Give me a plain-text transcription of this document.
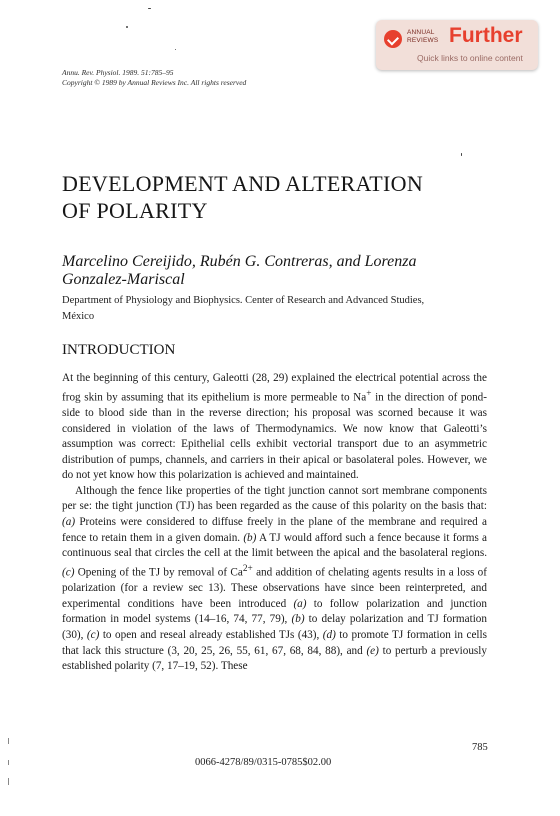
ANNUAL
REVIEWS Further
Quick links to online content
Annu. Rev. Physiol. 1989. 51:785–95
Copyright © 1989 by Annual Reviews Inc. All rights reserved
DEVELOPMENT AND ALTERATION
OF POLARITY
Marcelino Cereijido, Rubén G. Contreras, and Lorenza
Gonzalez-Mariscal
Department of Physiology and Biophysics. Center of Research and Advanced Studies,
México
INTRODUCTION

At the beginning of this century, Galeotti (28, 29) explained the electrical potential across the frog skin by assuming that its epithelium is more permeable to Na+ in the direction of pond-side to blood side than in the reverse direction; his proposal was scorned because it was considered in violation of the laws of Thermodynamics. We now know that Galeotti’s assumption was correct: Epithelial cells exhibit vectorial transport due to an asymmetric distribution of pumps, channels, and carriers in their apical or basolateral poles. However, we do not yet know how this polarization is achieved and maintained.

Although the fence like properties of the tight junction cannot sort membrane components per se: the tight junction (TJ) has been regarded as the cause of this polarity on the basis that: (a) Proteins were considered to diffuse freely in the plane of the membrane and required a fence to retain them in a given domain. (b) A TJ would afford such a fence because it forms a continuous seal that circles the cell at the limit between the apical and the basolateral regions. (c) Opening of the TJ by removal of $Ca^{2+}$ and addition of chelating agents results in a loss of polarization (for a review sec 13). These observations have since been reinterpreted, and experimental conditions have been introduced (a) to follow polarization and junction formation in model systems (14–16, 74, 77, 79), (b) to delay polarization and TJ formation (30), (c) to open and reseal already established TJs (43), (d) to promote TJ formation in cells that lack this structure (3, 20, 25, 26, 55, 61, 67, 68, 84, 88), and (e) to perturb a previously established polarity (7, 17–19, 52). These

785
0066-4278/89/0315-0785$02.00
